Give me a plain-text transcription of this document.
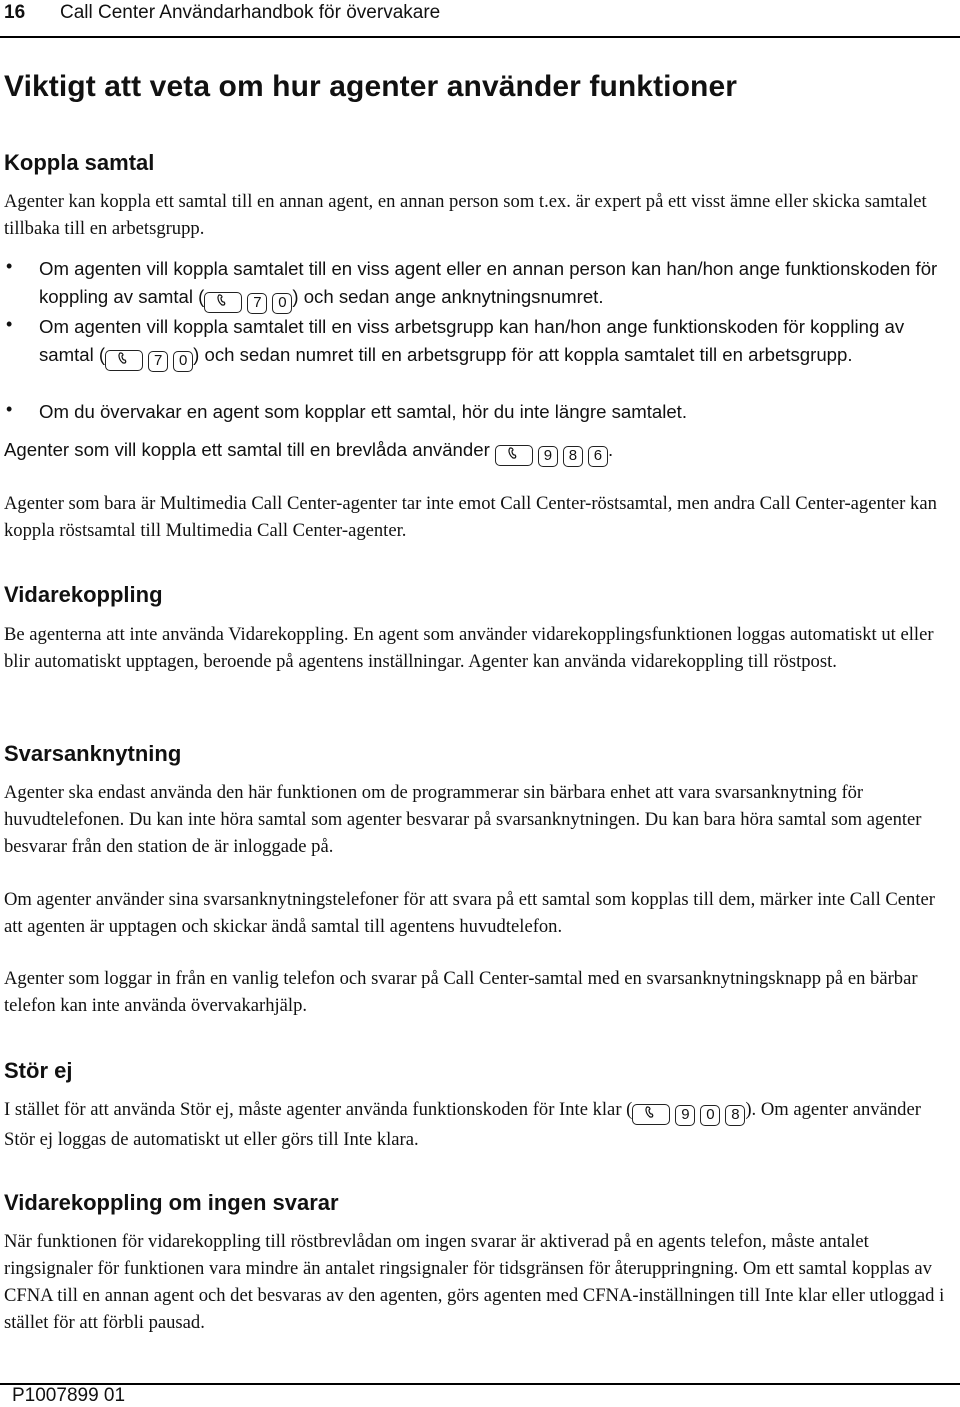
16 Call Center Användarhandbok för övervakare
Viktigt att veta om hur agenter använder funktioner
Koppla samtal

Agenter kan koppla ett samtal till en annan agent, en annan person som t.ex. är expert på ett visst ämne eller skicka samtalet tillbaka till en arbetsgrupp.

• Om agenten vill koppla samtalet till en viss agent eller en annan person kan han/hon ange funktionskoden för koppling av samtal (	7 0 ) och sedan ange anknytningsnumret.

• Om agenten vill koppla samtalet till en viss arbetsgrupp kan han/hon ange funktionskoden för koppling av samtal (	7 0 ) och sedan numret till en arbetsgrupp för att koppla samtalet till en arbetsgrupp.

• Om du övervakar en agent som kopplar ett samtal, hör du inte längre samtalet.

Agenter som vill koppla ett samtal till en brevlåda använder	9 8 6 .

Agenter som bara är Multimedia Call Center-agenter tar inte emot Call Center-röstsamtal, men andra Call Center-agenter kan koppla röstsamtal till Multimedia Call Center-agenter.

Vidarekoppling

Be agenterna att inte använda Vidarekoppling. En agent som använder vidarekopplingsfunktionen loggas automatiskt ut eller blir automatiskt upptagen, beroende på agentens inställningar. Agenter kan använda vidarekoppling till röstpost.

Svarsanknytning

Agenter ska endast använda den här funktionen om de programmerar sin bärbara enhet att vara svarsanknytning för huvudtelefonen. Du kan inte höra samtal som agenter besvarar på svarsanknytningen. Du kan bara höra samtal som agenter besvarar från den station de är inloggade på.

Om agenter använder sina svarsanknytningstelefoner för att svara på ett samtal som kopplas till dem, märker inte Call Center att agenten är upptagen och skickar ändå samtal till agentens huvudtelefon.

Agenter som loggar in från en vanlig telefon och svarar på Call Center-samtal med en svarsanknytningsknapp på en bärbar telefon kan inte använda övervakarhjälp.

Stör ej

I stället för att använda Stör ej, måste agenter använda funktionskoden för Inte klar (	9 0 8 ). Om agenter använder Stör ej loggas de automatiskt ut eller görs till Inte klara.

Vidarekoppling om ingen svarar

När funktionen för vidarekoppling till röstbrevlådan om ingen svarar är aktiverad på en agents telefon, måste antalet ringsignaler för funktionen vara mindre än antalet ringsignaler för tidsgränsen för återuppringning. Om ett samtal kopplas av CFNA till en annan agent och det besvaras av den agenten, görs agenten med CFNA-inställningen till Inte klar eller utloggad i stället för att förbli pausad.

P1007899 01
